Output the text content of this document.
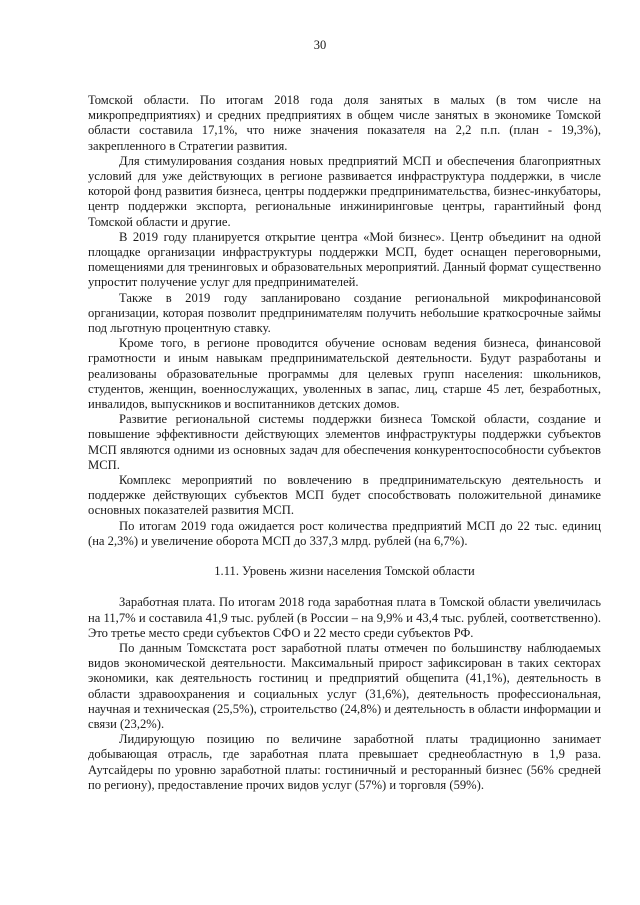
30

Томской области. По итогам 2018 года доля занятых в малых (в том числе на микропредприятиях) и средних предприятиях в общем числе занятых в экономике Томской области составила 17,1%, что ниже значения показателя на 2,2 п.п. (план - 19,3%), закрепленного в Стратегии развития.

Для стимулирования создания новых предприятий МСП и обеспечения благоприятных условий для уже действующих в регионе развивается инфраструктура поддержки, в числе которой фонд развития бизнеса, центры поддержки предпринимательства, бизнес-инкубаторы, центр поддержки экспорта, региональные инжиниринговые центры, гарантийный фонд Томской области и другие.

В 2019 году планируется открытие центра «Мой бизнес». Центр объединит на одной площадке организации инфраструктуры поддержки МСП, будет оснащен переговорными, помещениями для тренинговых и образовательных мероприятий. Данный формат существенно упростит получение услуг для предпринимателей.

Также в 2019 году запланировано создание региональной микрофинансовой организации, которая позволит предпринимателям получить небольшие краткосрочные займы под льготную процентную ставку.

Кроме того, в регионе проводится обучение основам ведения бизнеса, финансовой грамотности и иным навыкам предпринимательской деятельности. Будут разработаны и реализованы образовательные программы для целевых групп населения: школьников, студентов, женщин, военнослужащих, уволенных в запас, лиц, старше 45 лет, безработных, инвалидов, выпускников и воспитанников детских домов.

Развитие региональной системы поддержки бизнеса Томской области, создание и повышение эффективности действующих элементов инфраструктуры поддержки субъектов МСП являются одними из основных задач для обеспечения конкурентоспособности субъектов МСП.

Комплекс мероприятий по вовлечению в предпринимательскую деятельность и поддержке действующих субъектов МСП будет способствовать положительной динамике основных показателей развития МСП.

По итогам 2019 года ожидается рост количества предприятий МСП до 22 тыс. единиц (на 2,3%) и увеличение оборота МСП до 337,3 млрд. рублей (на 6,7%).

1.11. Уровень жизни населения Томской области

Заработная плата. По итогам 2018 года заработная плата в Томской области увеличилась на 11,7% и составила 41,9 тыс. рублей (в России – на 9,9% и 43,4 тыс. рублей, соответственно). Это третье место среди субъектов СФО и 22 место среди субъектов РФ.

По данным Томскстата рост заработной платы отмечен по большинству наблюдаемых видов экономической деятельности. Максимальный прирост зафиксирован в таких секторах экономики, как деятельность гостиниц и предприятий общепита (41,1%), деятельность в области здравоохранения и социальных услуг (31,6%), деятельность профессиональная, научная и техническая (25,5%), строительство (24,8%) и деятельность в области информации и связи (23,2%).

Лидирующую позицию по величине заработной платы традиционно занимает добывающая отрасль, где заработная плата превышает среднеобластную в 1,9 раза. Аутсайдеры по уровню заработной платы: гостиничный и ресторанный бизнес (56% средней по региону), предоставление прочих видов услуг (57%) и торговля (59%).
